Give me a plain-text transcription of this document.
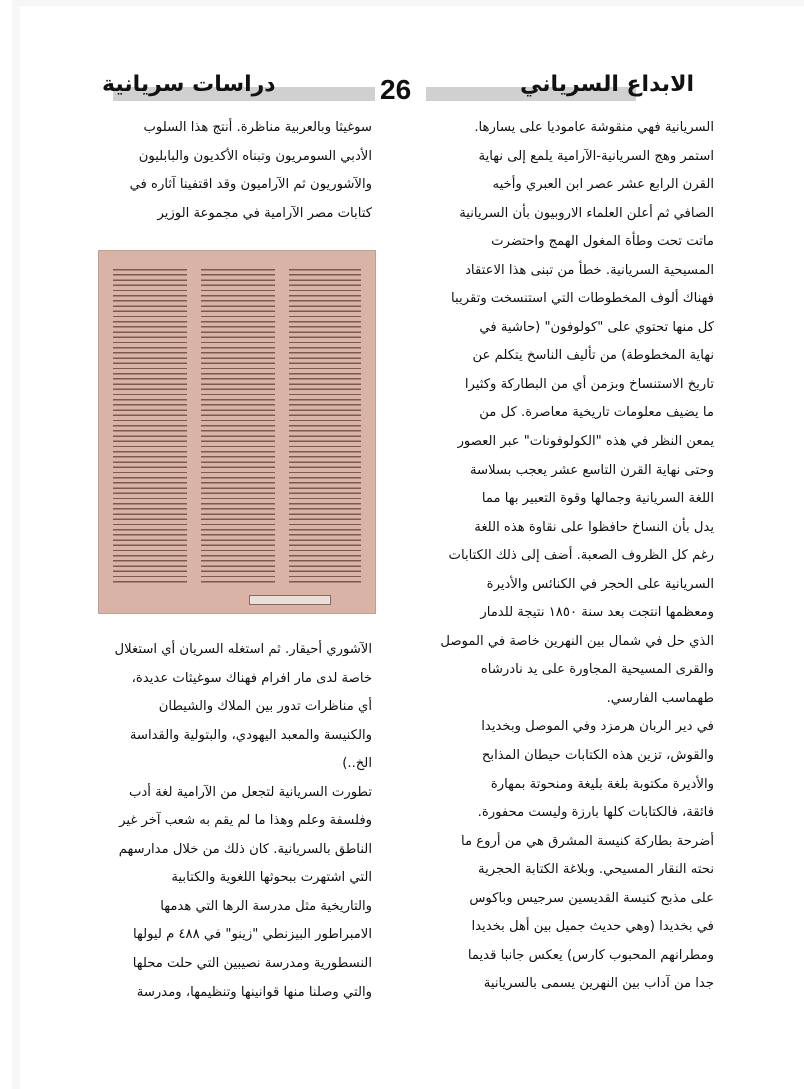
دراسات سريانية	26	الابداع السرياني
السريانية فهي منقوشة عاموديا على يسارها.
استمر وهج السريانية-الآرامية يلمع إلى نهاية
القرن الرابع عشر عصر ابن العبري وأخيه
الصافي ثم أعلن العلماء الاروبيون بأن السريانية
ماتت تحت وطأة المغول الهمج واحتضرت
المسيحية السريانية. خطأ من تبنى هذا الاعتقاد
فهناك ألوف المخطوطات التي استنسخت وتقريبا
كل منها تحتوي على "كولوفون" (حاشية في
نهاية المخطوطة) من تأليف الناسخ يتكلم عن
تاريخ الاستنساخ وبزمن أي من البطاركة وكثيرا
ما يضيف معلومات تاريخية معاصرة. كل من
يمعن النظر في هذه "الكولوفونات" عبر العصور
وحتى نهاية القرن التاسع عشر يعجب بسلاسة
اللغة السريانية وجمالها وقوة التعبير بها مما
يدل بأن النساخ حافظوا على نقاوة هذه اللغة
رغم كل الظروف الصعبة. أضف إلى ذلك الكتابات
السريانية على الحجر في الكنائس والأديرة
ومعظمها انتجت بعد سنة ١٨٥٠ نتيجة للدمار
الذي حل في شمال بين النهرين خاصة في الموصل
والقرى المسيحية المجاورة على يد نادرشاه
طهماسب الفارسي.
في دير الربان هرمزد وفي الموصل وبخديدا
والقوش، تزين هذه الكتابات حيطان المذابح
والأديرة مكتوبة بلغة بليغة ومنحوتة بمهارة
فائقة، فالكتابات كلها بارزة وليست محفورة.
أضرحة بطاركة كنيسة المشرق هي من أروع ما
نحته النقار المسيحي. وبلاغة الكتابة الحجرية
على مذبح كنيسة القديسين سرجيس وباكوس
في بخديدا (وهي حديث جميل بين أهل بخديدا
ومطرانهم المحبوب كارس) يعكس جانبا قديما
جدا من آداب بين النهرين يسمى بالسريانية
سوغيثا وبالعربية مناظرة. أنتج هذا السلوب
الأدبي السومريون وتبناه الأكديون والبابليون
والآشوريون ثم الآراميون وقد اقتفينا آثاره في
كتابات مصر الآرامية في مجموعة الوزير
الآشوري أحيقار. ثم استغله السريان أي استغلال
خاصة لدى مار افرام فهناك سوغيثات عديدة،
أي مناظرات تدور بين الملاك والشيطان
والكنيسة والمعبد اليهودي، والبتولية والقداسة
الخ..)
تطورت السريانية لتجعل من الآرامية لغة أدب
وفلسفة وعلم وهذا ما لم يقم به شعب آخر غير
الناطق بالسريانية. كان ذلك من خلال مدارسهم
التي اشتهرت ببحوثها اللغوية والكتابية
والتاريخية مثل مدرسة الرها التي هدمها
الامبراطور البيزنطي "زينو" في ٤٨٨ م ليولها
النسطورية ومدرسة نصيبين التي حلت محلها
والتي وصلنا منها قوانينها وتنظيمها، ومدرسة
